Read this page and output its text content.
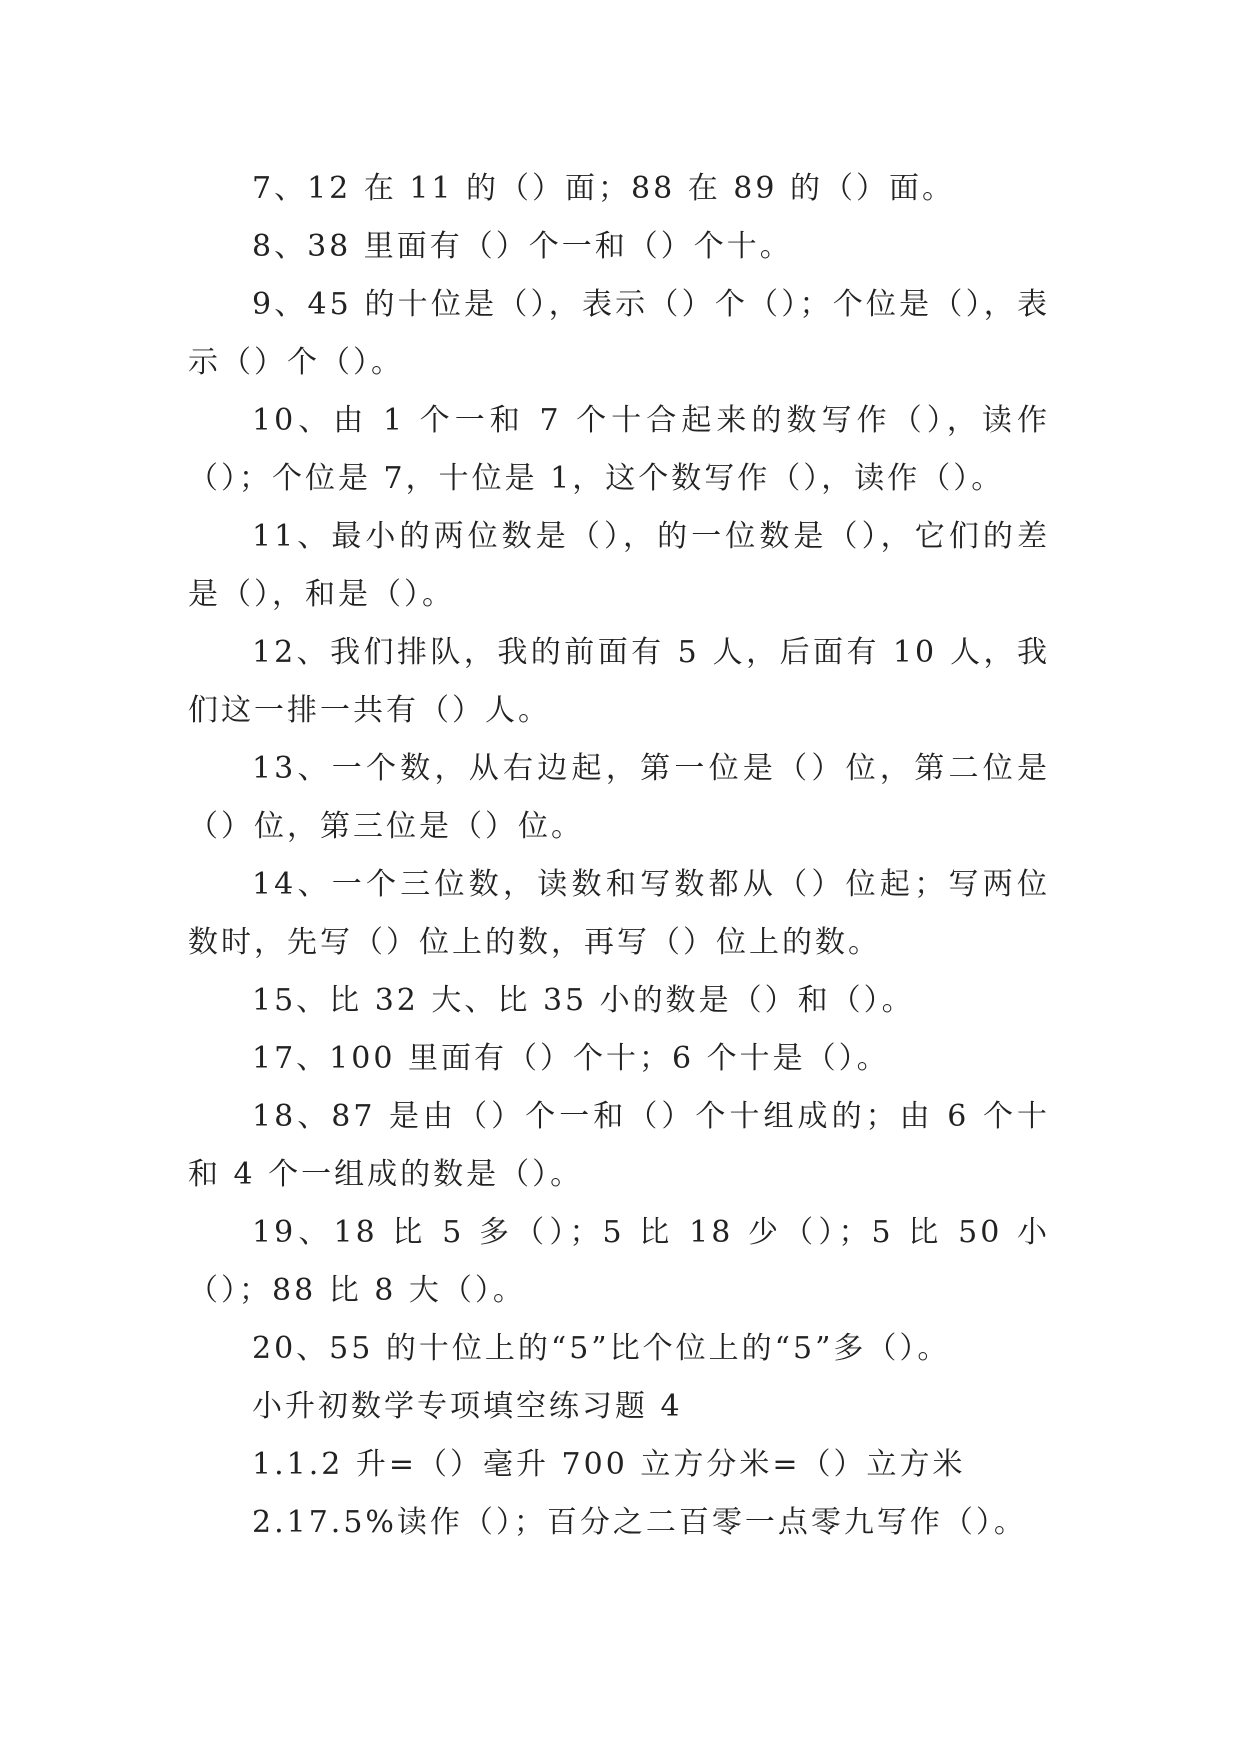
7、12 在 11 的（）面；88 在 89 的（）面。

8、38 里面有（）个一和（）个十。

9、45 的十位是（），表示（）个（）；个位是（），表示（）个（）。

10、由 1 个一和 7 个十合起来的数写作（），读作（）；个位是 7，十位是 1，这个数写作（），读作（）。

11、最小的两位数是（），的一位数是（），它们的差是（），和是（）。

12、我们排队，我的前面有 5 人，后面有 10 人，我们这一排一共有（）人。

13、一个数，从右边起，第一位是（）位，第二位是（）位，第三位是（）位。

14、一个三位数，读数和写数都从（）位起；写两位数时，先写（）位上的数，再写（）位上的数。

15、比 32 大、比 35 小的数是（）和（）。

17、100 里面有（）个十；6 个十是（）。

18、87 是由（）个一和（）个十组成的；由 6 个十和 4 个一组成的数是（）。

19、18 比 5 多（）；5 比 18 少（）；5 比 50 小（）；88 比 8 大（）。

20、55 的十位上的“5”比个位上的“5”多（）。

小升初数学专项填空练习题 4

1.1.2 升=（）毫升 700 立方分米=（）立方米

2.17.5%读作（）；百分之二百零一点零九写作（）。
